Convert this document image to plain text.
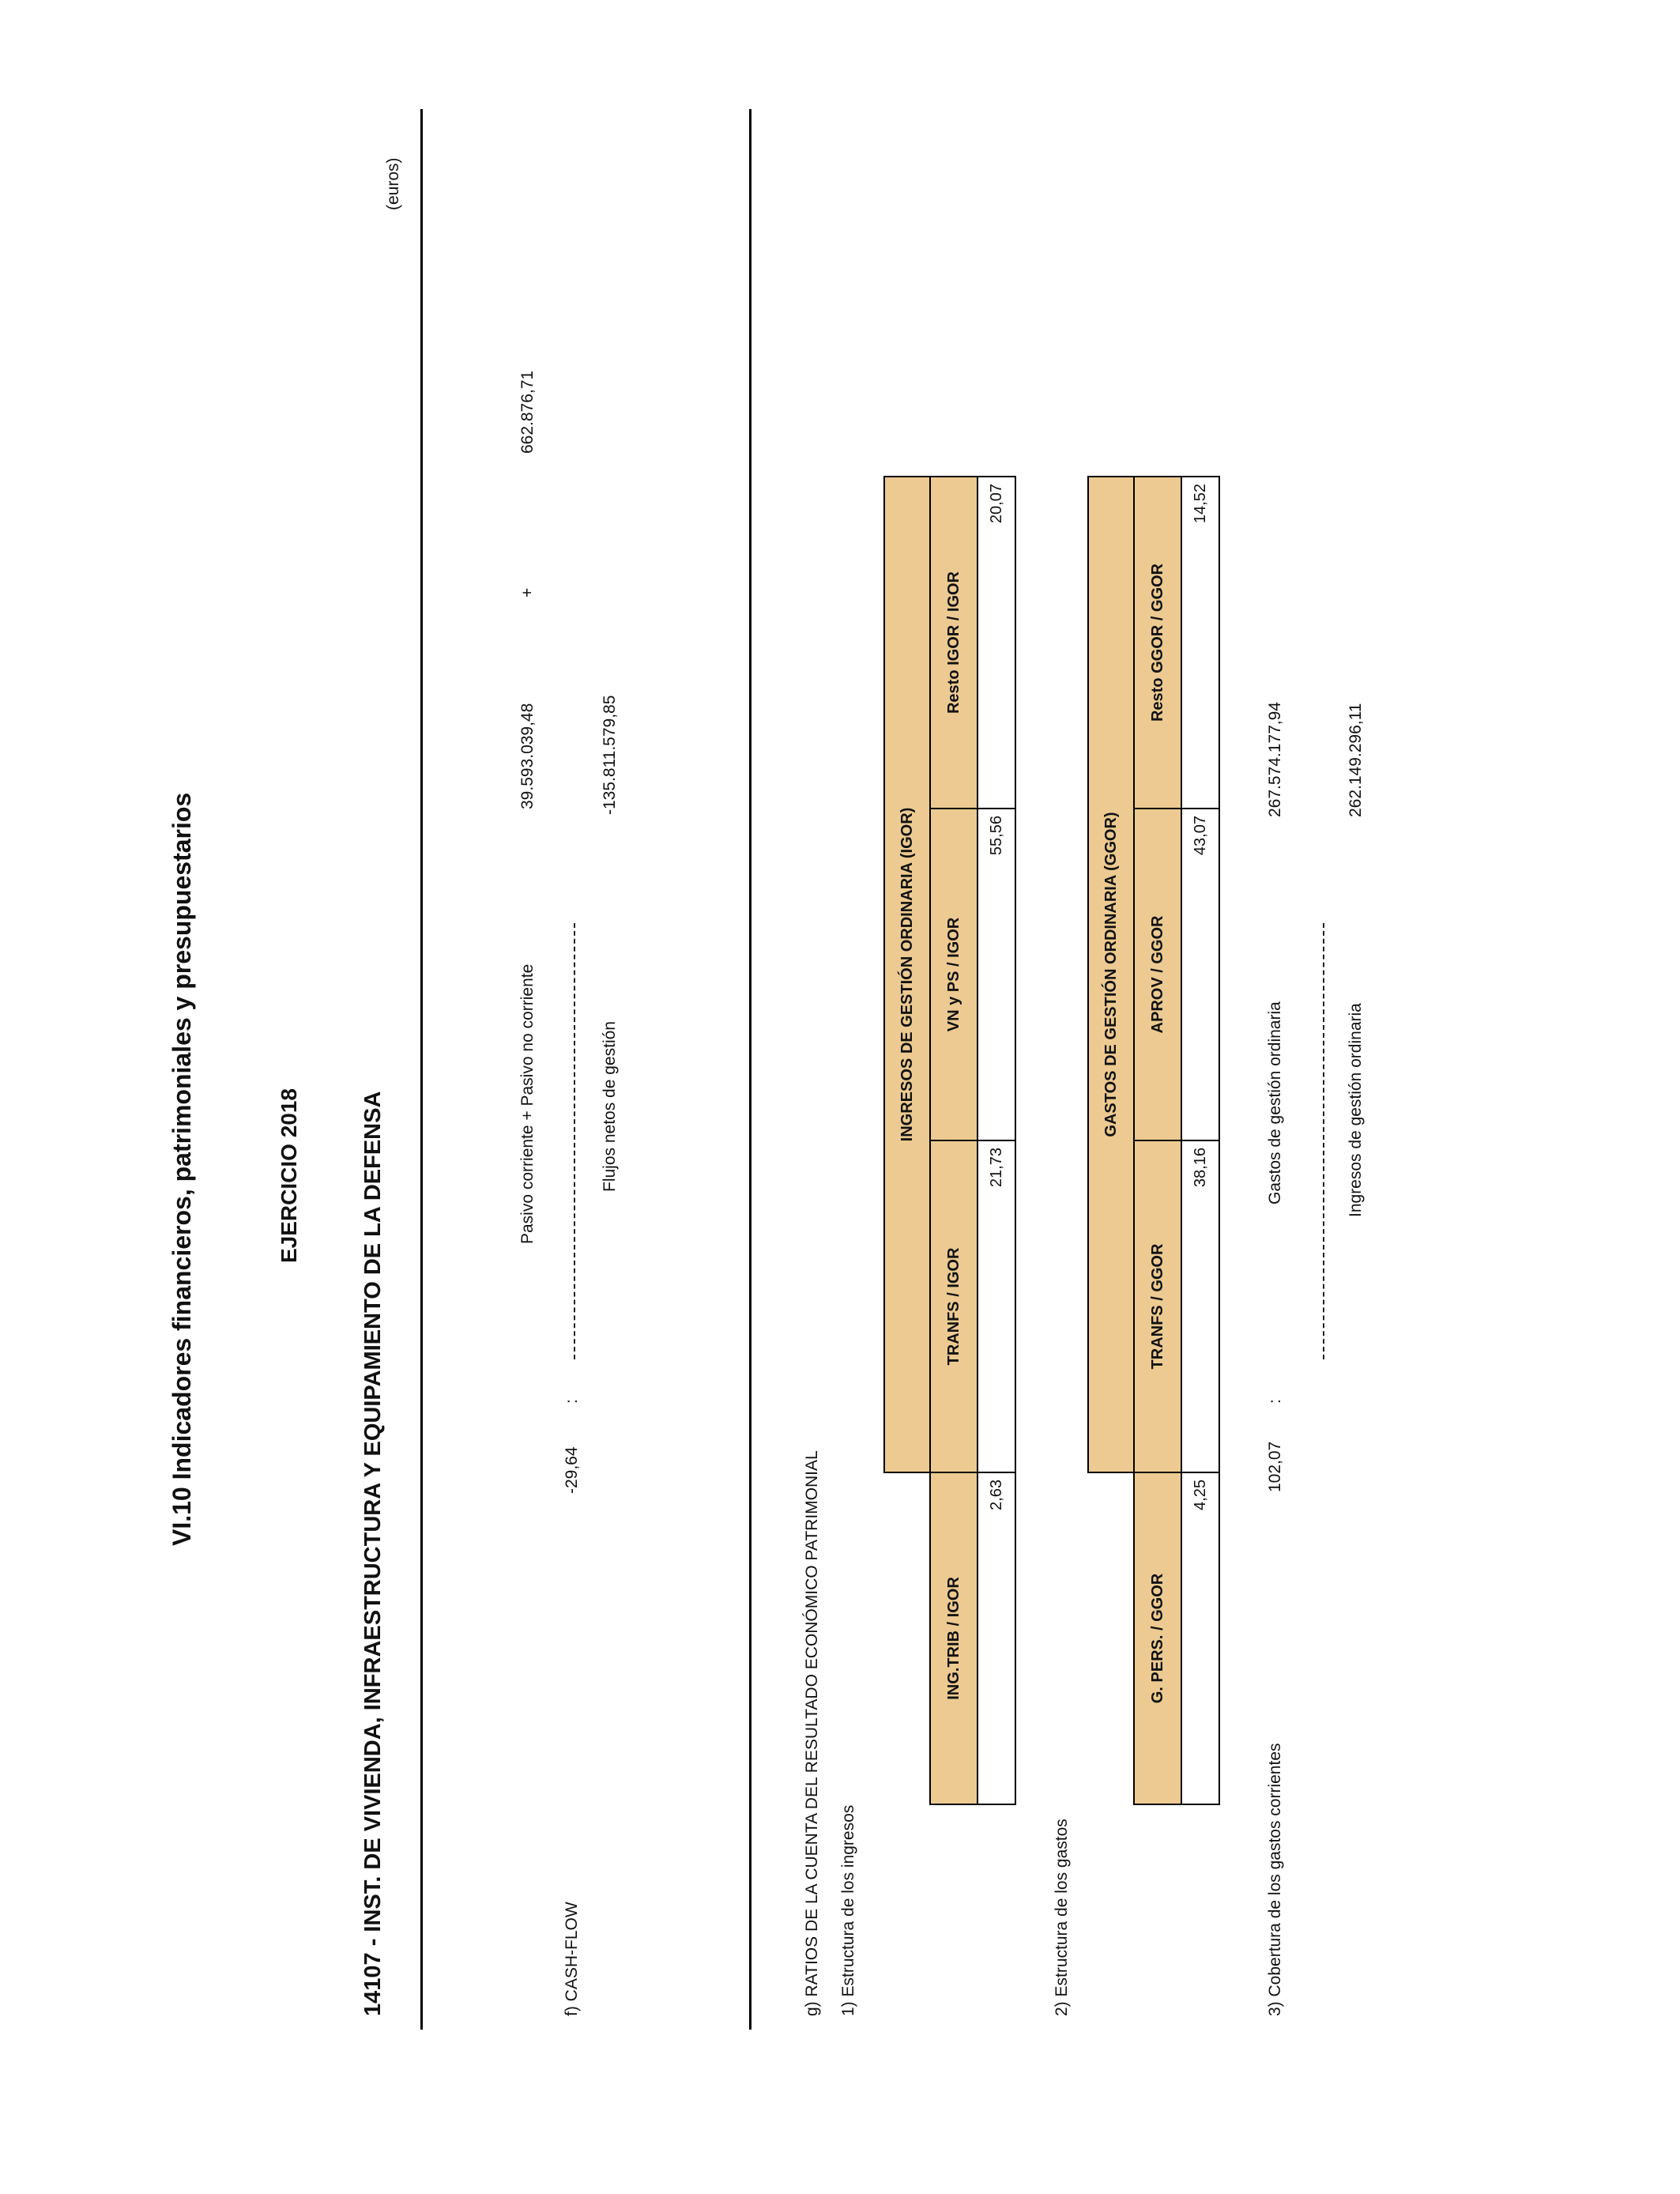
VI.10 Indicadores financieros, patrimoniales y presupuestarios	EJERCICIO 2018	14107 - INST. DE VIVIENDA, INFRAESTRUCTURA Y EQUIPAMIENTO DE LA DEFENSA
(euros)
f) CASH-FLOW
-29,64
:
Pasivo corriente + Pasivo no corriente	Flujos netos de gestión
39.593.039,48
+
662.876,71
-135.811.579,85
g) RATIOS DE LA CUENTA DEL RESULTADO ECONÓMICO PATRIMONIAL 1) Estructura de los ingresos
	INGRESOS DE GESTIÓN ORDINARIA (IGOR)		
ING.TRIB / IGOR	TRANFS / IGOR	VN y PS / IGOR	Resto IGOR / IGOR
2,63	21,73	55,56	20,07
2) Estructura de los gastos
	GASTOS DE GESTIÓN ORDINARIA (GGOR)		
G. PERS. / GGOR	TRANFS / GGOR	APROV / GGOR	Resto GGOR / GGOR
4,25	38,16	43,07	14,52
3) Cobertura de los gastos corrientes
102,07
:
Gastos de gestión ordinaria	Ingresos de gestión ordinaria
267.574.177,94	262.149.296,11
